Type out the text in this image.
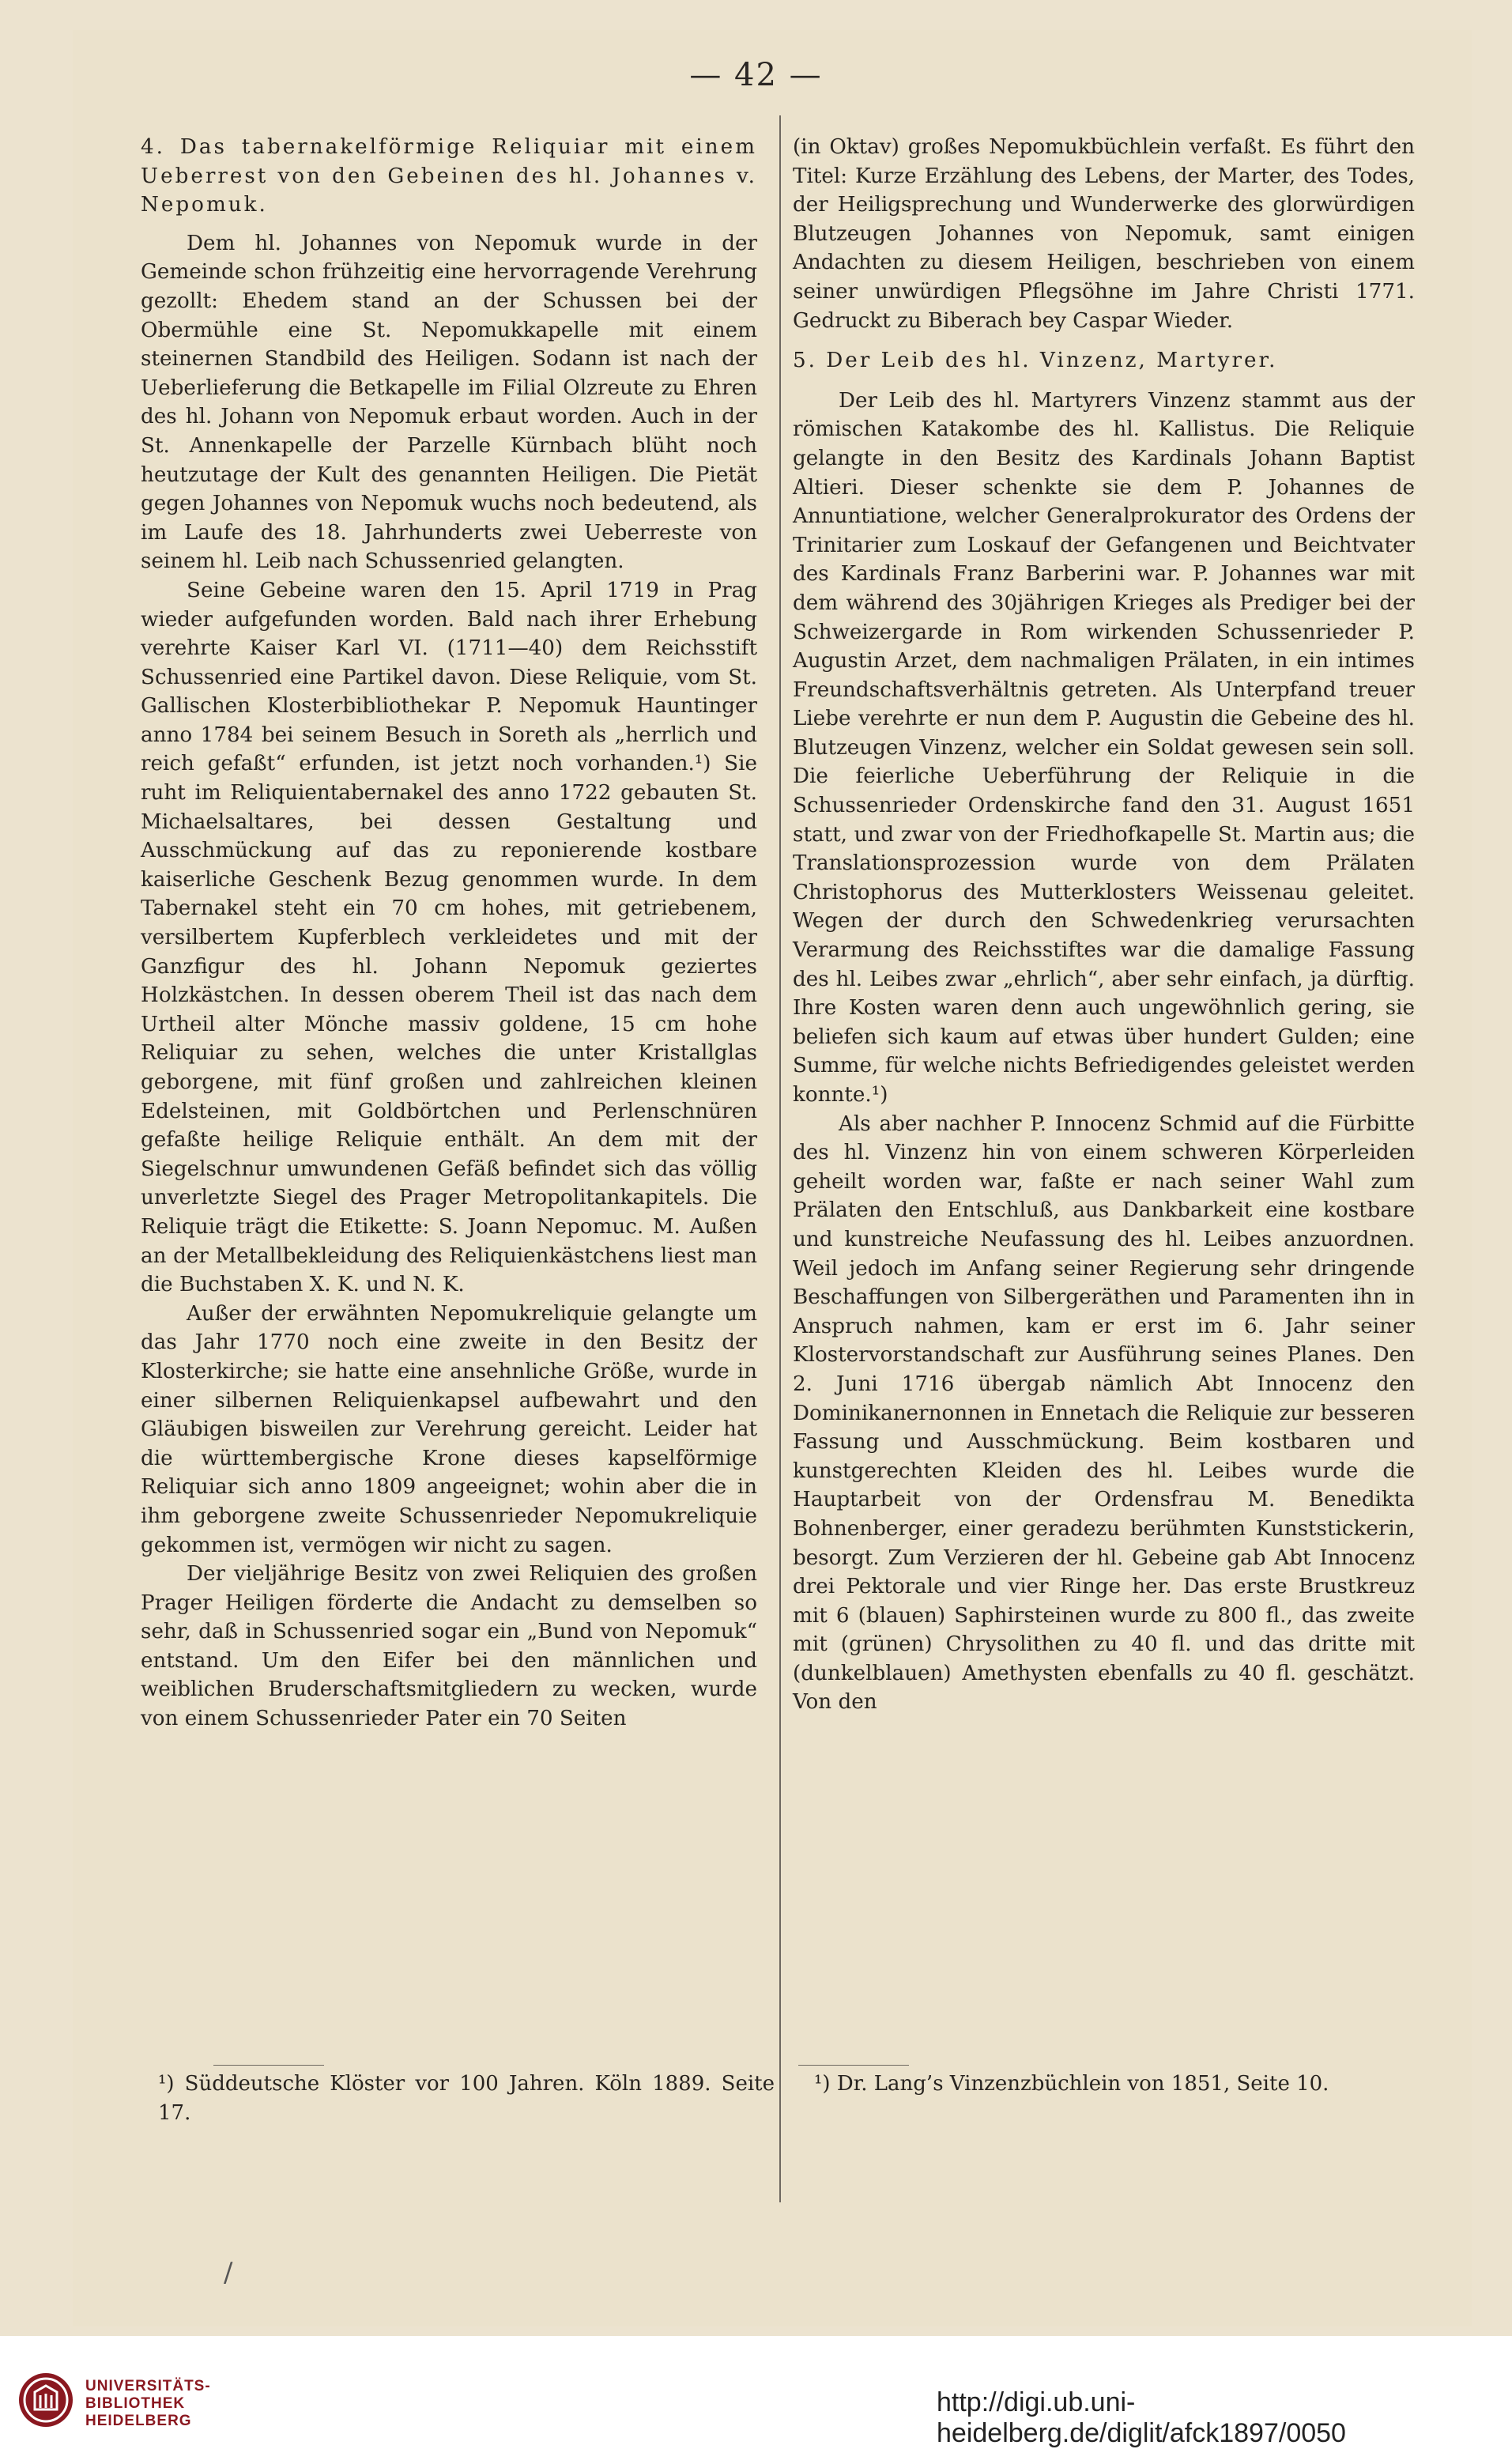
— 42 —

4. Das tabernakelförmige Reliquiar mit einem Ueberrest von den Gebeinen des hl. Johannes v. Nepomuk.

Dem hl. Johannes von Nepomuk wurde in der Gemeinde schon frühzeitig eine hervorragende Verehrung gezollt: Ehedem stand an der Schussen bei der Obermühle eine St. Nepomukkapelle mit einem steinernen Standbild des Heiligen. Sodann ist nach der Ueberlieferung die Betkapelle im Filial Olzreute zu Ehren des hl. Johann von Nepomuk erbaut worden. Auch in der St. Annenkapelle der Parzelle Kürnbach blüht noch heutzutage der Kult des genannten Heiligen. Die Pietät gegen Johannes von Nepomuk wuchs noch bedeutend, als im Laufe des 18. Jahrhunderts zwei Ueberreste von seinem hl. Leib nach Schussenried gelangten.

Seine Gebeine waren den 15. April 1719 in Prag wieder aufgefunden worden. Bald nach ihrer Erhebung verehrte Kaiser Karl VI. (1711—40) dem Reichsstift Schussenried eine Partikel davon. Diese Reliquie, vom St. Gallischen Klosterbibliothekar P. Nepomuk Hauntinger anno 1784 bei seinem Besuch in Soreth als „herrlich und reich gefaßt“ erfunden, ist jetzt noch vorhanden.¹) Sie ruht im Reliquientabernakel des anno 1722 gebauten St. Michaelsaltares, bei dessen Gestaltung und Ausschmückung auf das zu reponierende kostbare kaiserliche Geschenk Bezug genommen wurde. In dem Tabernakel steht ein 70 cm hohes, mit getriebenem, versilbertem Kupferblech verkleidetes und mit der Ganzfigur des hl. Johann Nepomuk geziertes Holzkästchen. In dessen oberem Theil ist das nach dem Urtheil alter Mönche massiv goldene, 15 cm hohe Reliquiar zu sehen, welches die unter Kristallglas geborgene, mit fünf großen und zahlreichen kleinen Edelsteinen, mit Goldbörtchen und Perlenschnüren gefaßte heilige Reliquie enthält. An dem mit der Siegelschnur umwundenen Gefäß befindet sich das völlig unverletzte Siegel des Prager Metropolitankapitels. Die Reliquie trägt die Etikette: S. Joann Nepomuc. M. Außen an der Metallbekleidung des Reliquienkästchens liest man die Buchstaben X. K. und N. K.

Außer der erwähnten Nepomukreliquie gelangte um das Jahr 1770 noch eine zweite in den Besitz der Klosterkirche; sie hatte eine ansehnliche Größe, wurde in einer silbernen Reliquienkapsel aufbewahrt und den Gläubigen bisweilen zur Verehrung gereicht. Leider hat die württembergische Krone dieses kapselförmige Reliquiar sich anno 1809 angeeignet; wohin aber die in ihm geborgene zweite Schussenrieder Nepomukreliquie gekommen ist, vermögen wir nicht zu sagen.

Der vieljährige Besitz von zwei Reliquien des großen Prager Heiligen förderte die Andacht zu demselben so sehr, daß in Schussenried sogar ein „Bund von Nepomuk“ entstand. Um den Eifer bei den männlichen und weiblichen Bruderschaftsmitgliedern zu wecken, wurde von einem Schussenrieder Pater ein 70 Seiten

(in Oktav) großes Nepomukbüchlein verfaßt. Es führt den Titel: Kurze Erzählung des Lebens, der Marter, des Todes, der Heiligsprechung und Wunderwerke des glorwürdigen Blutzeugen Johannes von Nepomuk, samt einigen Andachten zu diesem Heiligen, beschrieben von einem seiner unwürdigen Pflegsöhne im Jahre Christi 1771. Gedruckt zu Biberach bey Caspar Wieder.

5. Der Leib des hl. Vinzenz, Martyrer.

Der Leib des hl. Martyrers Vinzenz stammt aus der römischen Katakombe des hl. Kallistus. Die Reliquie gelangte in den Besitz des Kardinals Johann Baptist Altieri. Dieser schenkte sie dem P. Johannes de Annuntiatione, welcher Generalprokurator des Ordens der Trinitarier zum Loskauf der Gefangenen und Beichtvater des Kardinals Franz Barberini war. P. Johannes war mit dem während des 30jährigen Krieges als Prediger bei der Schweizergarde in Rom wirkenden Schussenrieder P. Augustin Arzet, dem nachmaligen Prälaten, in ein intimes Freundschaftsverhältnis getreten. Als Unterpfand treuer Liebe verehrte er nun dem P. Augustin die Gebeine des hl. Blutzeugen Vinzenz, welcher ein Soldat gewesen sein soll. Die feierliche Ueberführung der Reliquie in die Schussenrieder Ordenskirche fand den 31. August 1651 statt, und zwar von der Friedhofkapelle St. Martin aus; die Translationsprozession wurde von dem Prälaten Christophorus des Mutterklosters Weissenau geleitet. Wegen der durch den Schwedenkrieg verursachten Verarmung des Reichsstiftes war die damalige Fassung des hl. Leibes zwar „ehrlich“, aber sehr einfach, ja dürftig. Ihre Kosten waren denn auch ungewöhnlich gering, sie beliefen sich kaum auf etwas über hundert Gulden; eine Summe, für welche nichts Befriedigendes geleistet werden konnte.¹)

Als aber nachher P. Innocenz Schmid auf die Fürbitte des hl. Vinzenz hin von einem schweren Körperleiden geheilt worden war, faßte er nach seiner Wahl zum Prälaten den Entschluß, aus Dankbarkeit eine kostbare und kunstreiche Neufassung des hl. Leibes anzuordnen. Weil jedoch im Anfang seiner Regierung sehr dringende Beschaffungen von Silbergeräthen und Paramenten ihn in Anspruch nahmen, kam er erst im 6. Jahr seiner Klostervorstandschaft zur Ausführung seines Planes. Den 2. Juni 1716 übergab nämlich Abt Innocenz den Dominikanernonnen in Ennetach die Reliquie zur besseren Fassung und Ausschmückung. Beim kostbaren und kunstgerechten Kleiden des hl. Leibes wurde die Hauptarbeit von der Ordensfrau M. Benedikta Bohnenberger, einer geradezu berühmten Kunststickerin, besorgt. Zum Verzieren der hl. Gebeine gab Abt Innocenz drei Pektorale und vier Ringe her. Das erste Brustkreuz mit 6 (blauen) Saphirsteinen wurde zu 800 fl., das zweite mit (grünen) Chrysolithen zu 40 fl. und das dritte mit (dunkelblauen) Amethysten ebenfalls zu 40 fl. geschätzt. Von den

¹) Süddeutsche Klöster vor 100 Jahren. Köln 1889. Seite 17.
¹) Dr. Lang’s Vinzenzbüchlein von 1851, Seite 10.
/
UNIVERSITÄTS-
BIBLIOTHEK
HEIDELBERG
http://digi.ub.uni-heidelberg.de/diglit/afck1897/0050
